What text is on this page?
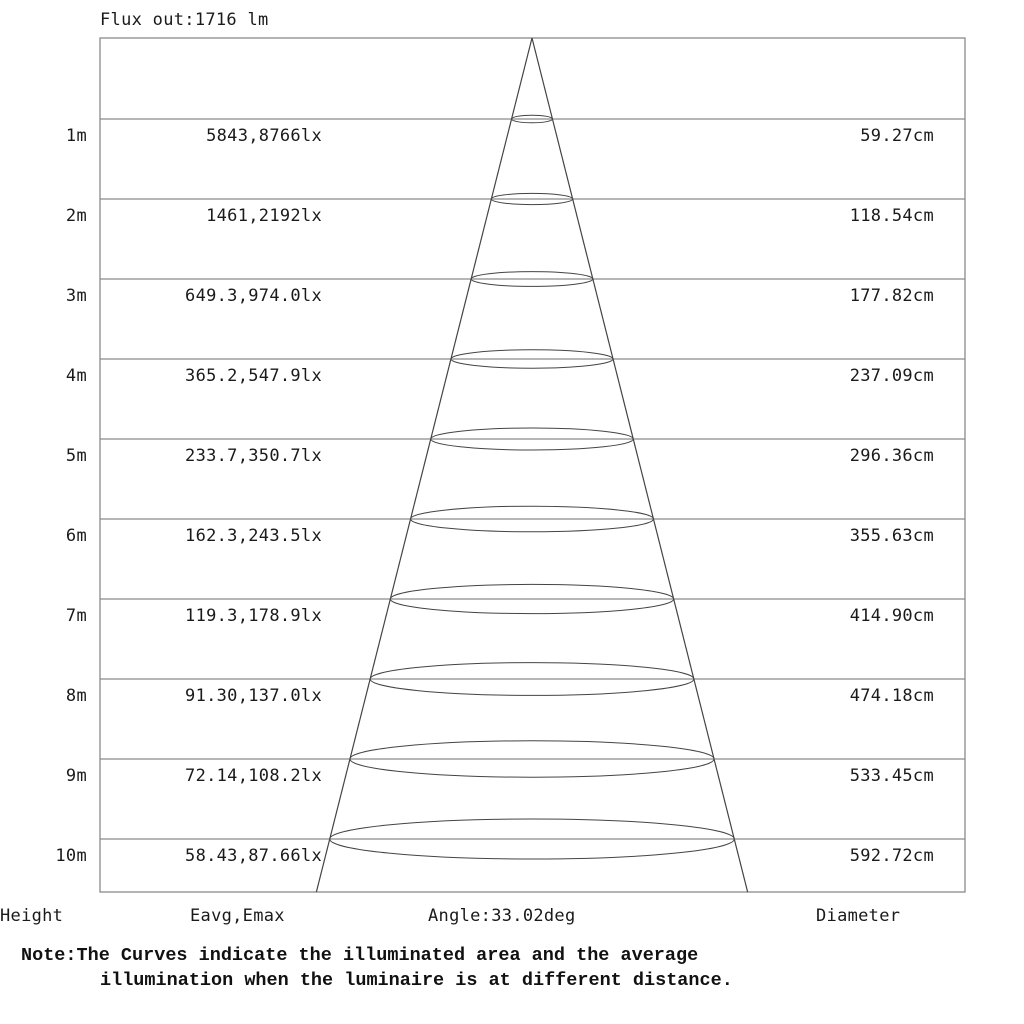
Flux out:1716 lm
1m	5843,8766lx	59.27cm
2m	1461,2192lx	118.54cm
3m	649.3,974.0lx	177.82cm
4m	365.2,547.9lx	237.09cm
5m	233.7,350.7lx	296.36cm
6m	162.3,243.5lx	355.63cm
7m	119.3,178.9lx	414.90cm
8m	91.30,137.0lx	474.18cm
9m	72.14,108.2lx	533.45cm
10m	58.43,87.66lx	592.72cm
Height	Eavg,Emax	Angle:33.02deg	Diameter
Note:The Curves indicate the illuminated area and the average
illumination when the luminaire is at different distance.
